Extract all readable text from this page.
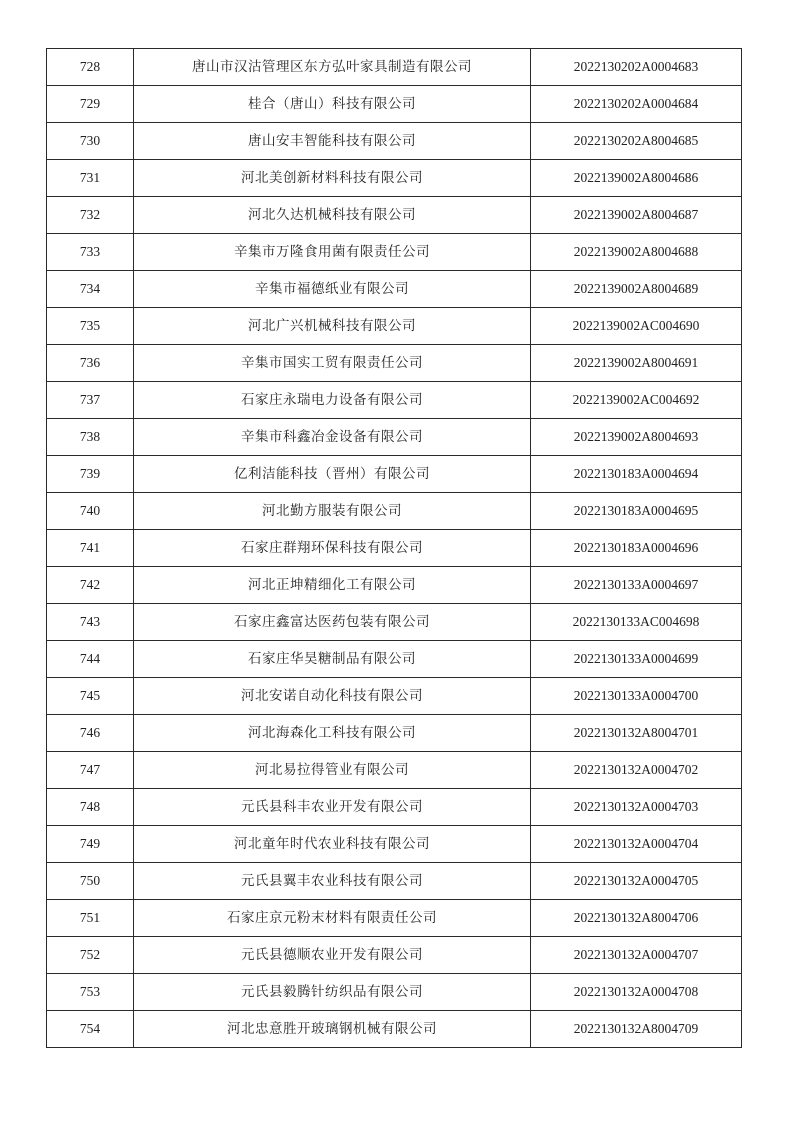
728	唐山市汉沽管理区东方弘叶家具制造有限公司	2022130202A0004683
729	桂合（唐山）科技有限公司	2022130202A0004684
730	唐山安丰智能科技有限公司	2022130202A8004685
731	河北美创新材料科技有限公司	2022139002A8004686
732	河北久达机械科技有限公司	2022139002A8004687
733	辛集市万隆食用菌有限责任公司	2022139002A8004688
734	辛集市福德纸业有限公司	2022139002A8004689
735	河北广兴机械科技有限公司	2022139002AC004690
736	辛集市国实工贸有限责任公司	2022139002A8004691
737	石家庄永瑞电力设备有限公司	2022139002AC004692
738	辛集市科鑫冶金设备有限公司	2022139002A8004693
739	亿利洁能科技（晋州）有限公司	2022130183A0004694
740	河北勤方服装有限公司	2022130183A0004695
741	石家庄群翔环保科技有限公司	2022130183A0004696
742	河北正坤精细化工有限公司	2022130133A0004697
743	石家庄鑫富达医药包装有限公司	2022130133AC004698
744	石家庄华昊糖制品有限公司	2022130133A0004699
745	河北安诺自动化科技有限公司	2022130133A0004700
746	河北海森化工科技有限公司	2022130132A8004701
747	河北易拉得管业有限公司	2022130132A0004702
748	元氏县科丰农业开发有限公司	2022130132A0004703
749	河北童年时代农业科技有限公司	2022130132A0004704
750	元氏县翼丰农业科技有限公司	2022130132A0004705
751	石家庄京元粉末材料有限责任公司	2022130132A8004706
752	元氏县德顺农业开发有限公司	2022130132A0004707
753	元氏县毅腾针纺织品有限公司	2022130132A0004708
754	河北忠意胜开玻璃钢机械有限公司	2022130132A8004709
